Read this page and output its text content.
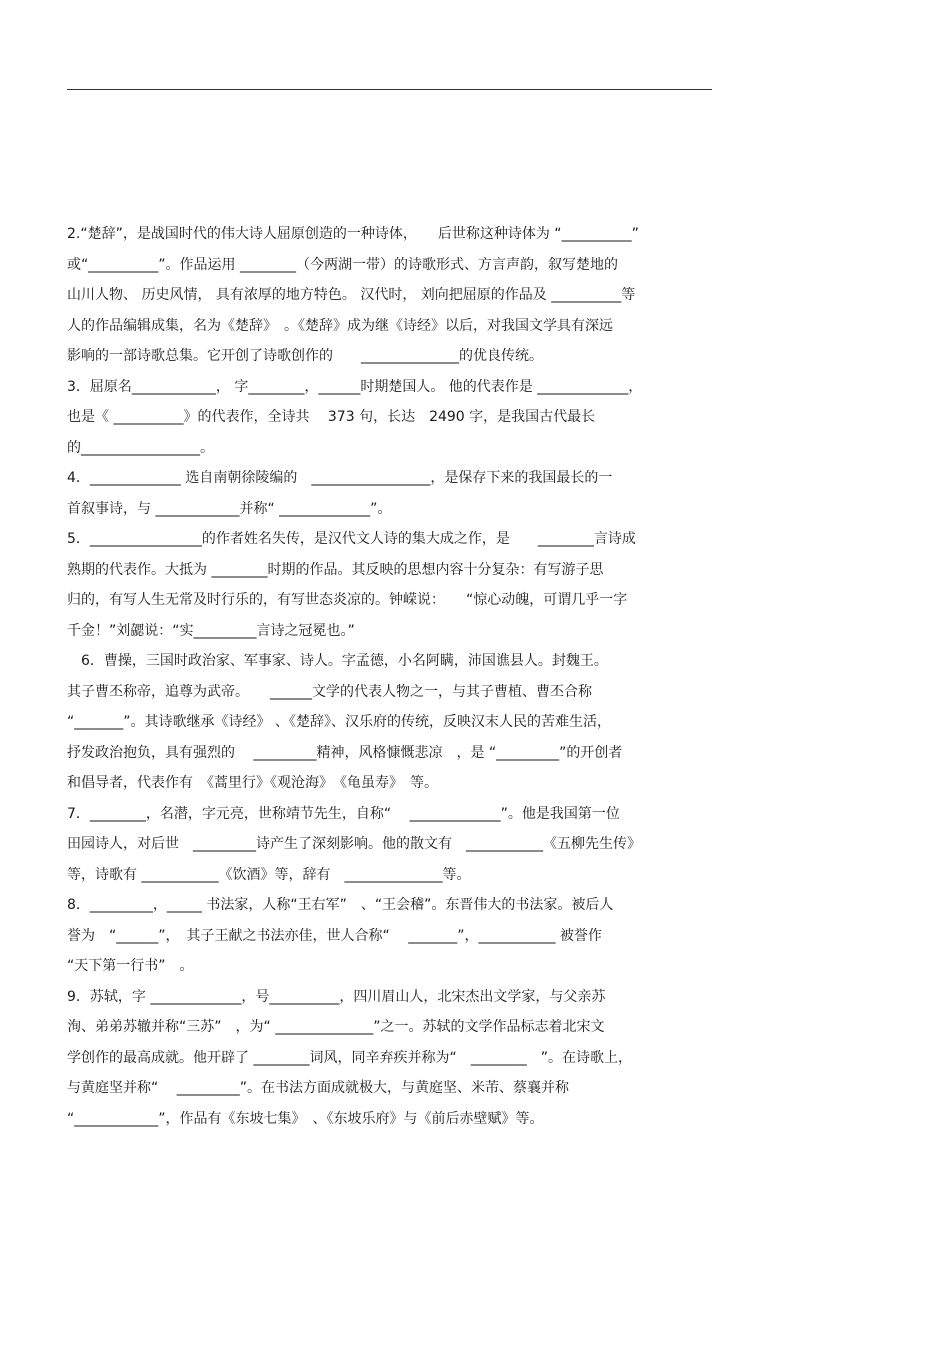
2.“楚辞”，是战国时代的伟大诗人屈原创造的一种诗体，　　后世称这种诗体为 “__________”
或“__________”。作品运用 ________（今两湖一带）的诗歌形式、方言声韵，叙写楚地的
山川人物、 历史风情， 具有浓厚的地方特色。 汉代时， 刘向把屈原的作品及 __________等
人的作品编辑成集，名为《楚辞》　。《楚辞》成为继《诗经》以后，对我国文学具有深远
影响的一部诗歌总集。它开创了诗歌创作的　　______________的优良传统。
3．屈原名____________， 字________，______时期楚国人。 他的代表作是 _____________，
也是《 __________》的代表作，全诗共　 373 句，长达　2490 字，是我国古代最长
的_________________。
4．_____________ 选自南朝徐陵编的　_________________，是保存下来的我国最长的一
首叙事诗，与 ____________并称“ _____________”。
5．________________的作者姓名失传，是汉代文人诗的集大成之作，是　　________言诗成
熟期的代表作。大抵为 ________时期的作品。其反映的思想内容十分复杂：有写游子思
归的，有写人生无常及时行乐的，有写世态炎凉的。钟嵘说：　　“惊心动魄，可谓几乎一字
千金！”刘勰说：“实_________言诗之冠冕也。”
　6．曹操，三国时政治家、军事家、诗人。字孟德，小名阿瞒，沛国谯县人。封魏王。
其子曹丕称帝，追尊为武帝。　　______文学的代表人物之一，与其子曹植、曹丕合称
“_______”。其诗歌继承《诗经》 、《楚辞》、汉乐府的传统，反映汉末人民的苦难生活，
抒发政治抱负，具有强烈的　 _________精神，风格慷慨悲凉　，是 “_________”的开创者
和倡导者，代表作有　《蒿里行》《观沧海》　《龟虽寿》　等。
7．________，名潜，字元亮，世称靖节先生，自称“　 _____________”。他是我国第一位
田园诗人，对后世　_________诗产生了深刻影响。他的散文有　___________《五柳先生传》
等，诗歌有 ___________《饮酒》等，辞有　______________等。
8．_________，_____ 书法家，人称“王右军”　、“王会稽”。东晋伟大的书法家。被后人
誉为　“______”，　其子王献之书法亦佳，世人合称“　 _______”，___________ 被誉作
“天下第一行书”　。
9．苏轼，字 _____________，号__________，四川眉山人，北宋杰出文学家，与父亲苏
洵、弟弟苏辙并称“三苏”　，为“ ______________”之一。苏轼的文学作品标志着北宋文
学创作的最高成就。他开辟了 ________词风，同辛弃疾并称为“　________　”。在诗歌上，
与黄庭坚并称“　 _________”。在书法方面成就极大，与黄庭坚、米芾、蔡襄并称
“____________”，作品有《东坡七集》　、《东坡乐府》与《前后赤壁赋》等。
